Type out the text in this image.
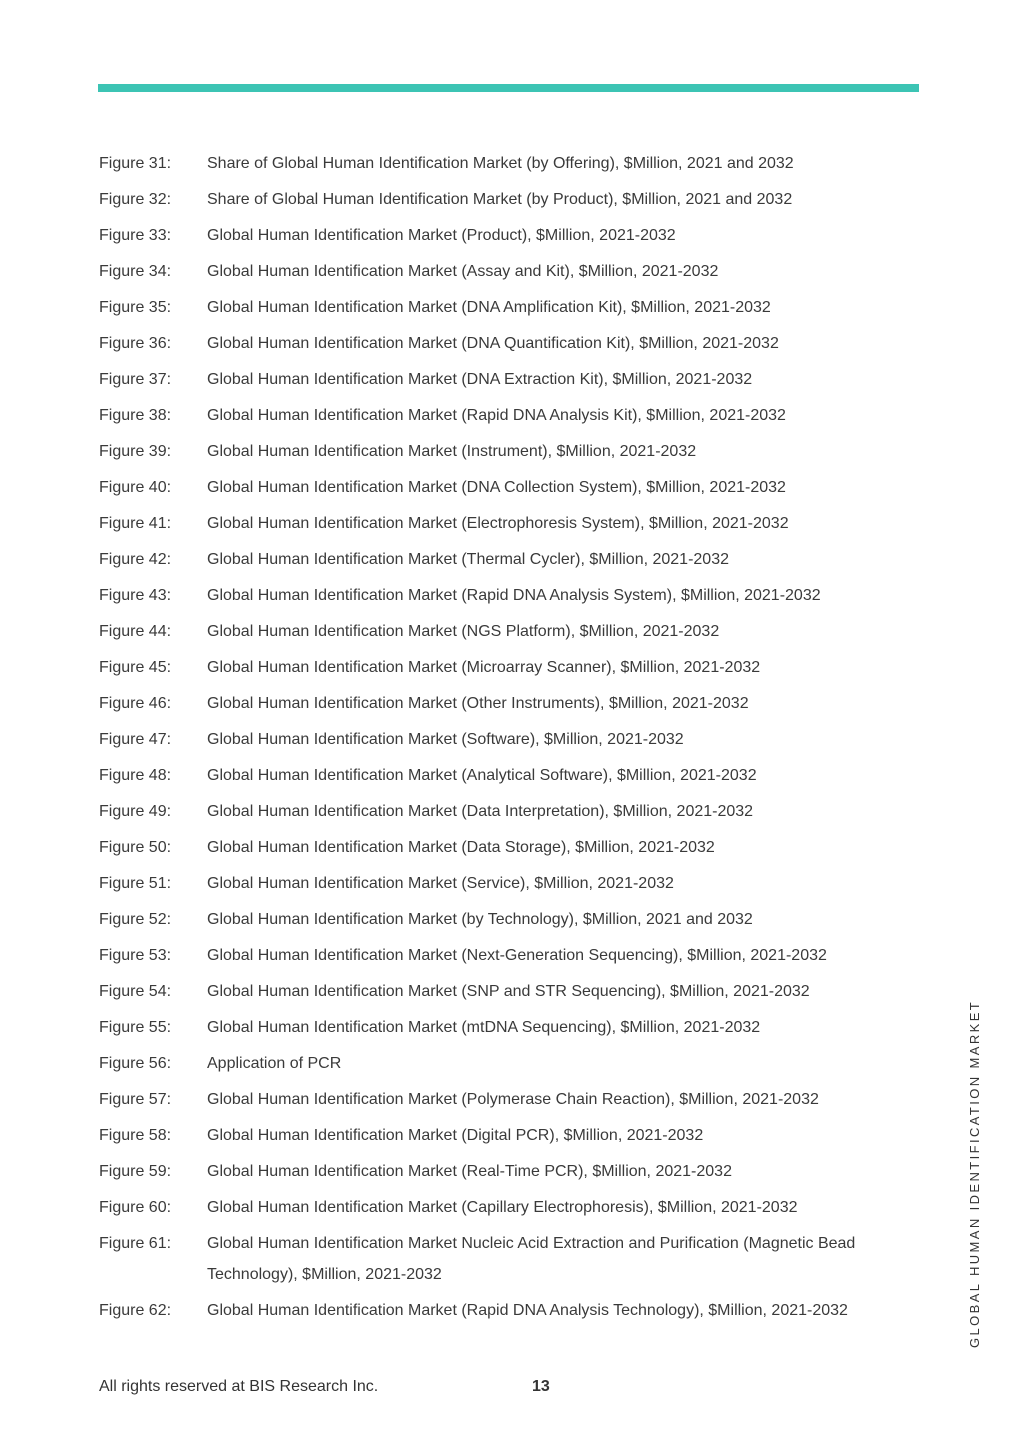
Figure 31:	Share of Global Human Identification Market (by Offering), $Million, 2021 and 2032
Figure 32:	Share of Global Human Identification Market (by Product), $Million, 2021 and 2032
Figure 33:	Global Human Identification Market (Product), $Million, 2021-2032
Figure 34:	Global Human Identification Market (Assay and Kit), $Million, 2021-2032
Figure 35:	Global Human Identification Market (DNA Amplification Kit), $Million, 2021-2032
Figure 36:	Global Human Identification Market (DNA Quantification Kit), $Million, 2021-2032
Figure 37:	Global Human Identification Market (DNA Extraction Kit), $Million, 2021-2032
Figure 38:	Global Human Identification Market (Rapid DNA Analysis Kit), $Million, 2021-2032
Figure 39:	Global Human Identification Market (Instrument), $Million, 2021-2032
Figure 40:	Global Human Identification Market (DNA Collection System), $Million, 2021-2032
Figure 41:	Global Human Identification Market (Electrophoresis System), $Million, 2021-2032
Figure 42:	Global Human Identification Market (Thermal Cycler), $Million, 2021-2032
Figure 43:	Global Human Identification Market (Rapid DNA Analysis System), $Million, 2021-2032
Figure 44:	Global Human Identification Market (NGS Platform), $Million, 2021-2032
Figure 45:	Global Human Identification Market (Microarray Scanner), $Million, 2021-2032
Figure 46:	Global Human Identification Market (Other Instruments), $Million, 2021-2032
Figure 47:	Global Human Identification Market (Software), $Million, 2021-2032
Figure 48:	Global Human Identification Market (Analytical Software), $Million, 2021-2032
Figure 49:	Global Human Identification Market (Data Interpretation), $Million, 2021-2032
Figure 50:	Global Human Identification Market (Data Storage), $Million, 2021-2032
Figure 51:	Global Human Identification Market (Service), $Million, 2021-2032
Figure 52:	Global Human Identification Market (by Technology), $Million, 2021 and 2032
Figure 53:	Global Human Identification Market (Next-Generation Sequencing), $Million, 2021-2032
Figure 54:	Global Human Identification Market (SNP and STR Sequencing), $Million, 2021-2032
Figure 55:	Global Human Identification Market (mtDNA Sequencing), $Million, 2021-2032
Figure 56:	Application of PCR
Figure 57:	Global Human Identification Market (Polymerase Chain Reaction), $Million, 2021-2032
Figure 58:	Global Human Identification Market (Digital PCR), $Million, 2021-2032
Figure 59:	Global Human Identification Market (Real-Time PCR), $Million, 2021-2032
Figure 60:	Global Human Identification Market (Capillary Electrophoresis), $Million, 2021-2032
Figure 61:	Global Human Identification Market Nucleic Acid Extraction and Purification (Magnetic Bead Technology), $Million, 2021-2032
Figure 62:	Global Human Identification Market (Rapid DNA Analysis Technology), $Million, 2021-2032	GLOBAL HUMAN IDENTIFICATION MARKET
All rights reserved at BIS Research Inc.	13
